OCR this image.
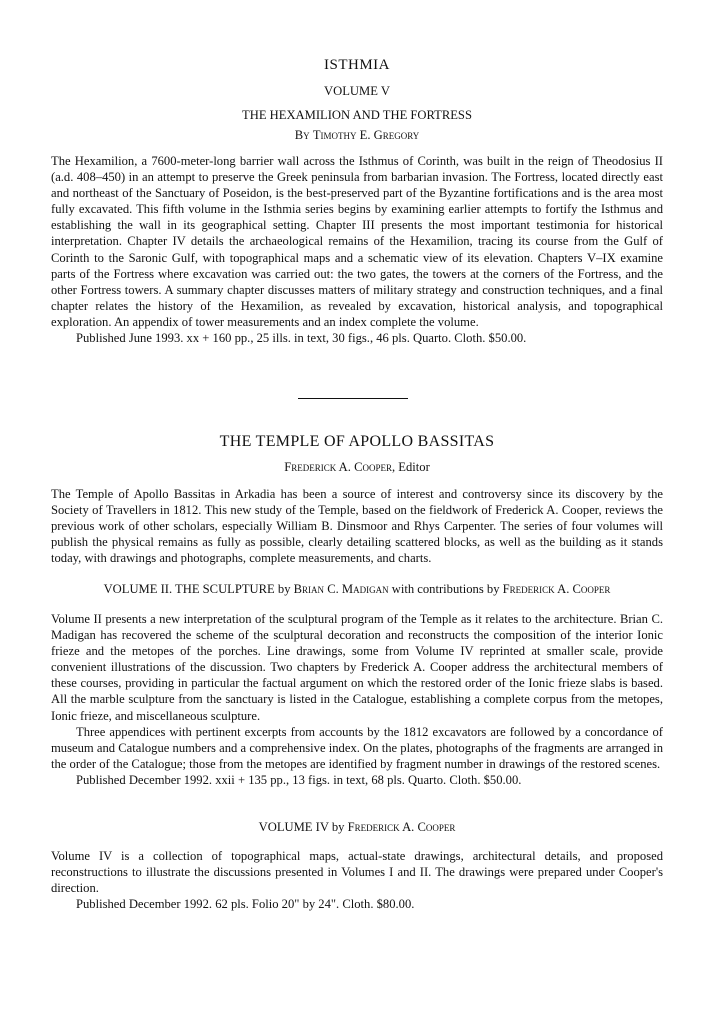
ISTHMIA
VOLUME V
THE HEXAMILION AND THE FORTRESS
By Timothy E. Gregory

The Hexamilion, a 7600-meter-long barrier wall across the Isthmus of Corinth, was built in the reign of Theodosius II (a.d. 408–450) in an attempt to preserve the Greek peninsula from barbarian invasion. The Fortress, located directly east and northeast of the Sanctuary of Poseidon, is the best-preserved part of the Byzantine fortifications and is the area most fully excavated. This fifth volume in the Isthmia series begins by examining earlier attempts to fortify the Isthmus and establishing the wall in its geographical setting. Chapter III presents the most important testimonia for historical interpretation. Chapter IV details the archaeological remains of the Hexamilion, tracing its course from the Gulf of Corinth to the Saronic Gulf, with topographical maps and a schematic view of its elevation. Chapters V–IX examine parts of the Fortress where excavation was carried out: the two gates, the towers at the corners of the Fortress, and the other Fortress towers. A summary chapter discusses matters of military strategy and construction techniques, and a final chapter relates the history of the Hexamilion, as revealed by excavation, historical analysis, and topographical exploration. An appendix of tower measurements and an index complete the volume.

Published June 1993. xx + 160 pp., 25 ills. in text, 30 figs., 46 pls. Quarto. Cloth. $50.00.

THE TEMPLE OF APOLLO BASSITAS
Frederick A. Cooper, Editor

The Temple of Apollo Bassitas in Arkadia has been a source of interest and controversy since its discovery by the Society of Travellers in 1812. This new study of the Temple, based on the fieldwork of Frederick A. Cooper, reviews the previous work of other scholars, especially William B. Dinsmoor and Rhys Carpenter. The series of four volumes will publish the physical remains as fully as possible, clearly detailing scattered blocks, as well as the building as it stands today, with drawings and photographs, complete measurements, and charts.

VOLUME II. THE SCULPTURE by Brian C. Madigan with contributions by Frederick A. Cooper

Volume II presents a new interpretation of the sculptural program of the Temple as it relates to the architecture. Brian C. Madigan has recovered the scheme of the sculptural decoration and reconstructs the composition of the interior Ionic frieze and the metopes of the porches. Line drawings, some from Volume IV reprinted at smaller scale, provide convenient illustrations of the discussion. Two chapters by Frederick A. Cooper address the architectural members of these courses, providing in particular the factual argument on which the restored order of the Ionic frieze slabs is based. All the marble sculpture from the sanctuary is listed in the Catalogue, establishing a complete corpus from the metopes, Ionic frieze, and miscellaneous sculpture.

Three appendices with pertinent excerpts from accounts by the 1812 excavators are followed by a concordance of museum and Catalogue numbers and a comprehensive index. On the plates, photographs of the fragments are arranged in the order of the Catalogue; those from the metopes are identified by fragment number in drawings of the restored scenes.

Published December 1992. xxii + 135 pp., 13 figs. in text, 68 pls. Quarto. Cloth. $50.00.

VOLUME IV by Frederick A. Cooper

Volume IV is a collection of topographical maps, actual-state drawings, architectural details, and proposed reconstructions to illustrate the discussions presented in Volumes I and II. The drawings were prepared under Cooper's direction.

Published December 1992. 62 pls. Folio 20" by 24". Cloth. $80.00.
